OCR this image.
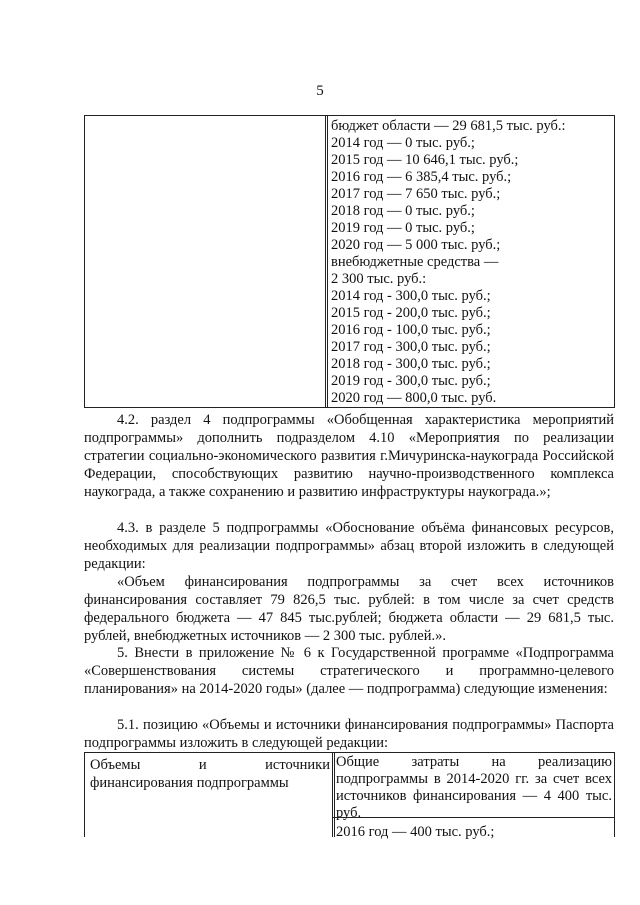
5
бюджет области — 29 681,5 тыс. руб.:
2014 год — 0 тыс. руб.;
2015 год — 10 646,1 тыс. руб.;
2016 год — 6 385,4 тыс. руб.;
2017 год — 7 650 тыс. руб.;
2018 год — 0 тыс. руб.;
2019 год — 0 тыс. руб.;
2020 год — 5 000 тыс. руб.;
внебюджетные средства —
2 300 тыс. руб.:
2014 год - 300,0 тыс. руб.;
2015 год - 200,0 тыс. руб.;
2016 год - 100,0 тыс. руб.;
2017 год - 300,0 тыс. руб.;
2018 год - 300,0 тыс. руб.;
2019 год - 300,0 тыс. руб.;
2020 год — 800,0 тыс. руб.

4.2. раздел 4 подпрограммы «Обобщенная характеристика мероприятий подпрограммы» дополнить подразделом 4.10 «Мероприятия по реализации стратегии социально-экономического развития г.Мичуринска-наукограда Российской Федерации, способствующих развитию научно-производственного комплекса наукограда, а также сохранению и развитию инфраструктуры наукограда.»;

4.3. в разделе 5 подпрограммы «Обоснование объёма финансовых ресурсов, необходимых для реализации подпрограммы» абзац второй изложить в следующей редакции:

«Объем финансирования подпрограммы за счет всех источников финансирования составляет 79 826,5 тыс. рублей: в том числе за счет средств федерального бюджета — 47 845 тыс.рублей; бюджета области — 29 681,5 тыс. рублей, внебюджетных источников — 2 300 тыс. рублей.».

5. Внести в приложение № 6 к Государственной программе «Подпрограмма «Совершенствования системы стратегического и программно-целевого планирования» на 2014-2020 годы» (далее — подпрограмма) следующие изменения:

5.1. позицию «Объемы и источники финансирования подпрограммы» Паспорта подпрограммы изложить в следующей редакции:

Объемы	и	источники
финансирования подпрограммы
Общие затраты на реализацию подпрограммы в 2014-2020 гг. за счет всех источников финансирования — 4 400 тыс. руб.
2016 год — 400 тыс. руб.;
